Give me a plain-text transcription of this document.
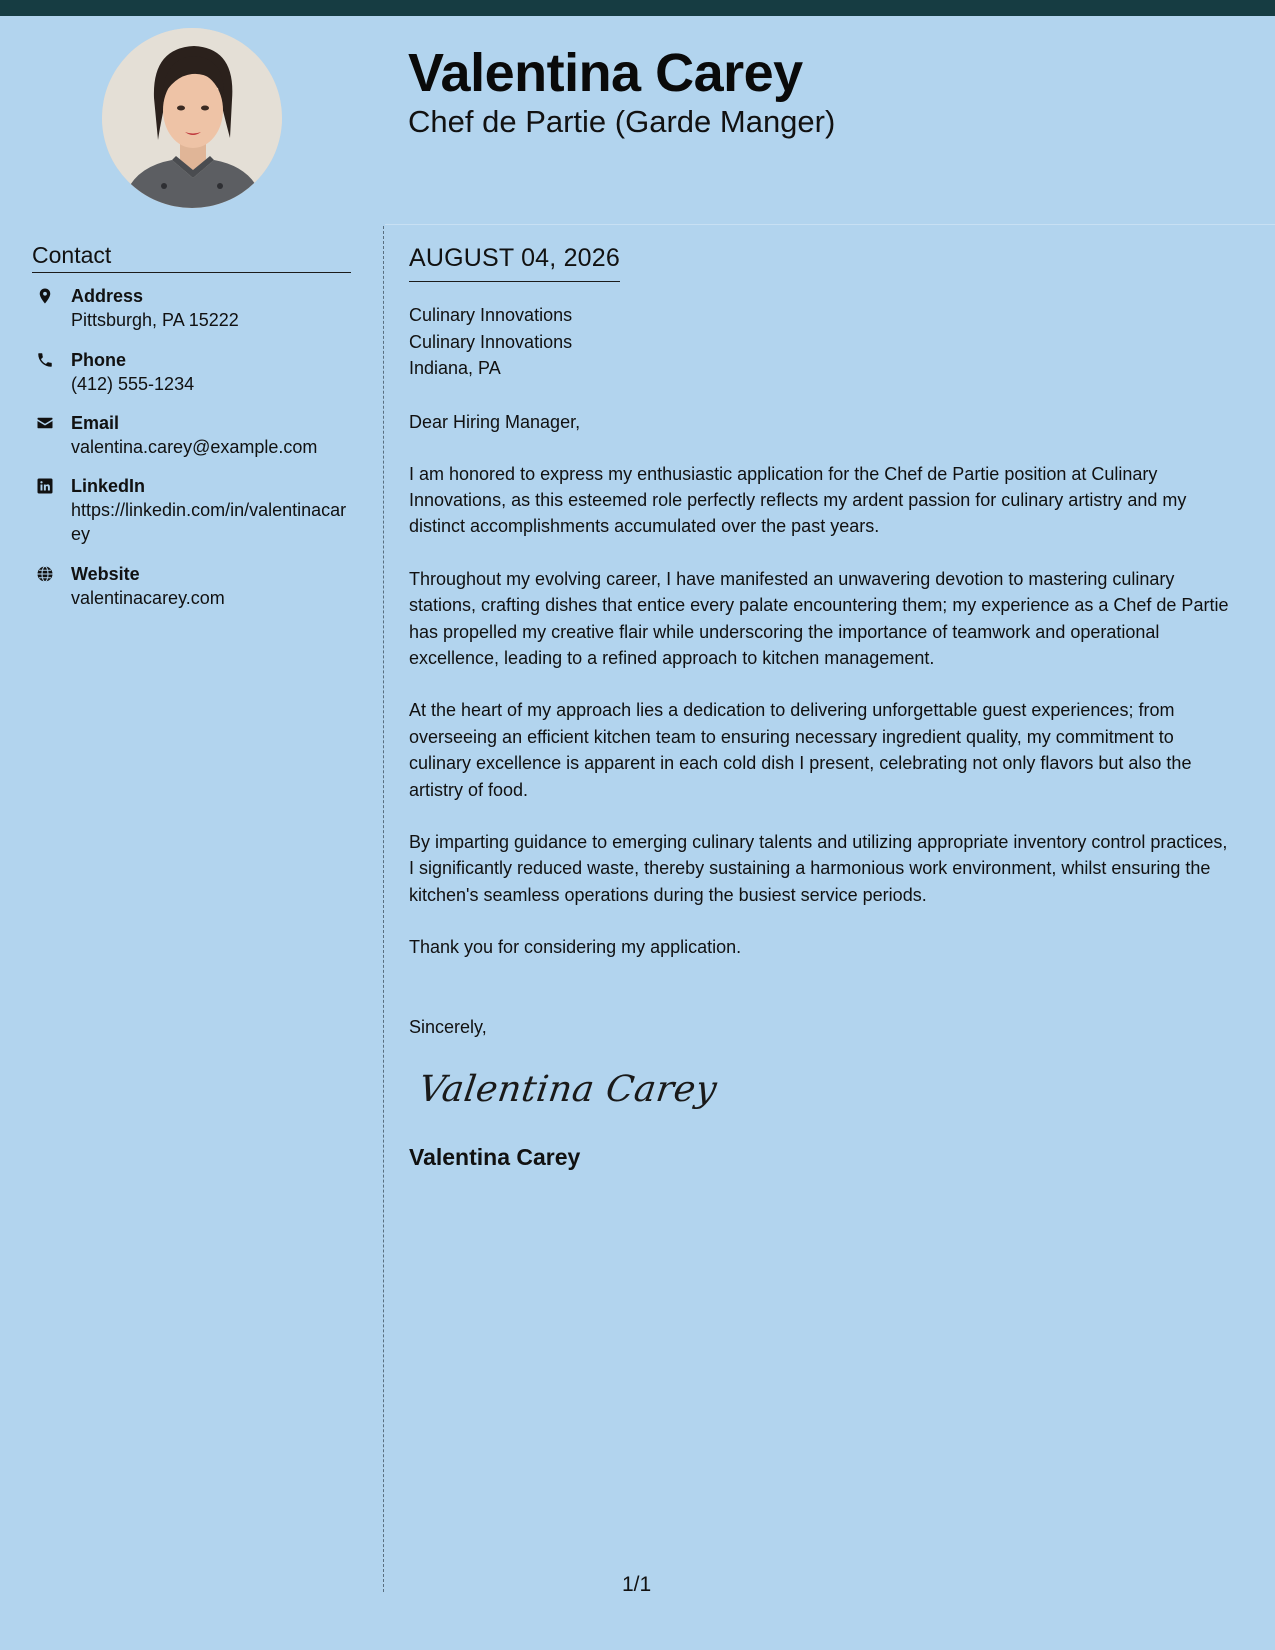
Valentina Carey
Chef de Partie (Garde Manger)
Contact
Address
Pittsburgh, PA 15222
Phone
(412) 555-1234
Email
valentina.carey@example.com
LinkedIn
https://linkedin.com/in/valentinacarey
Website
valentinacarey.com
AUGUST 04, 2026
Culinary Innovations
Culinary Innovations
Indiana, PA
Dear Hiring Manager,
I am honored to express my enthusiastic application for the Chef de Partie position at Culinary Innovations, as this esteemed role perfectly reflects my ardent passion for culinary artistry and my distinct accomplishments accumulated over the past years.
Throughout my evolving career, I have manifested an unwavering devotion to mastering culinary stations, crafting dishes that entice every palate encountering them; my experience as a Chef de Partie has propelled my creative flair while underscoring the importance of teamwork and operational excellence, leading to a refined approach to kitchen management.
At the heart of my approach lies a dedication to delivering unforgettable guest experiences; from overseeing an efficient kitchen team to ensuring necessary ingredient quality, my commitment to culinary excellence is apparent in each cold dish I present, celebrating not only flavors but also the artistry of food.
By imparting guidance to emerging culinary talents and utilizing appropriate inventory control practices, I significantly reduced waste, thereby sustaining a harmonious work environment, whilst ensuring the kitchen's seamless operations during the busiest service periods.
Thank you for considering my application.
Sincerely,
Valentina Carey
Valentina Carey
1/1
